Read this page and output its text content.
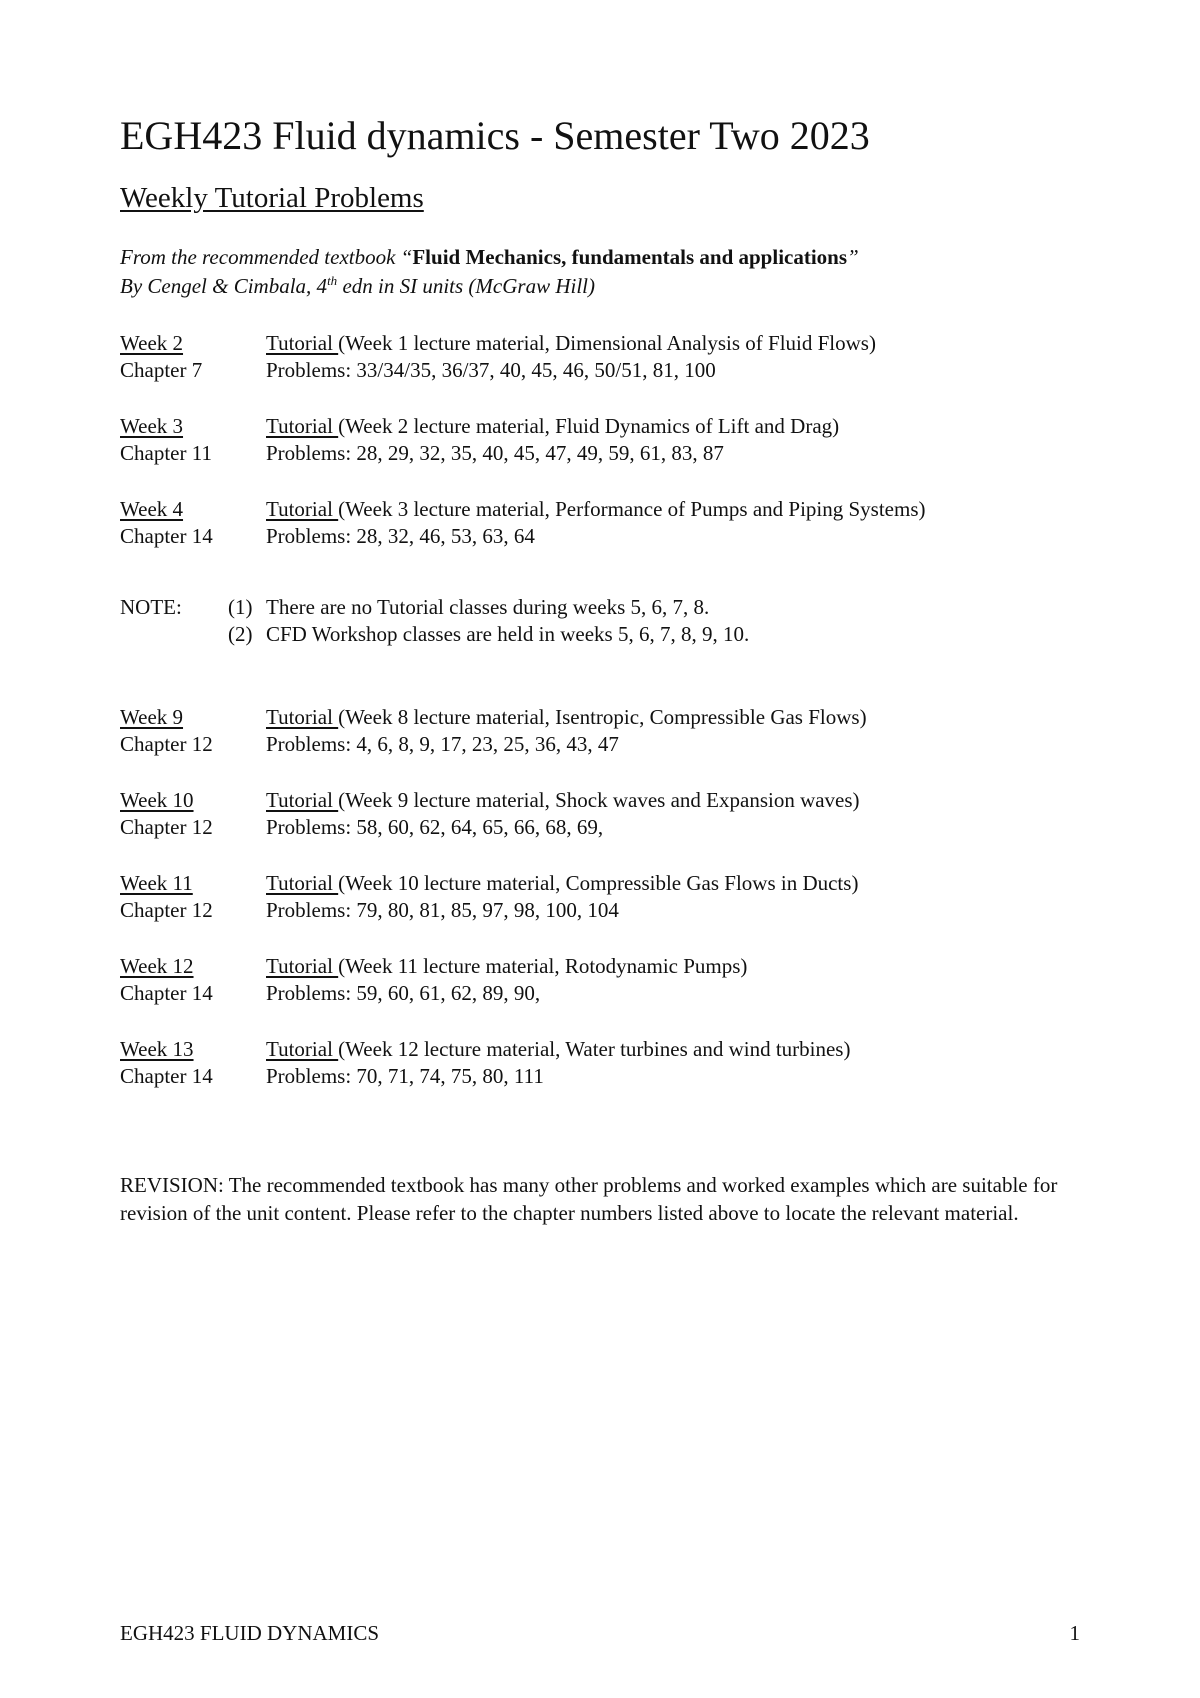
EGH423 Fluid dynamics - Semester Two 2023
Weekly Tutorial Problems
From the recommended textbook “Fluid Mechanics, fundamentals and applications”
By Cengel & Cimbala, 4th edn in SI units (McGraw Hill)
Week 2	Tutorial (Week 1 lecture material, Dimensional Analysis of Fluid Flows)
Chapter 7	Problems: 33/34/35, 36/37, 40, 45, 46, 50/51, 81, 100
Week 3	Tutorial (Week 2 lecture material, Fluid Dynamics of Lift and Drag)
Chapter 11	Problems: 28, 29, 32, 35, 40, 45, 47, 49, 59, 61, 83, 87
Week 4	Tutorial (Week 3 lecture material, Performance of Pumps and Piping Systems)
Chapter 14	Problems: 28, 32, 46, 53, 63, 64
NOTE:	(1) There are no Tutorial classes during weeks 5, 6, 7, 8.
(2) CFD Workshop classes are held in weeks 5, 6, 7, 8, 9, 10.
Week 9	Tutorial (Week 8 lecture material, Isentropic, Compressible Gas Flows)
Chapter 12	Problems: 4, 6, 8, 9, 17, 23, 25, 36, 43, 47
Week 10	Tutorial (Week 9 lecture material, Shock waves and Expansion waves)
Chapter 12	Problems: 58, 60, 62, 64, 65, 66, 68, 69,
Week 11	Tutorial (Week 10 lecture material, Compressible Gas Flows in Ducts)
Chapter 12	Problems: 79, 80, 81, 85, 97, 98, 100, 104
Week 12	Tutorial (Week 11 lecture material, Rotodynamic Pumps)
Chapter 14	Problems: 59, 60, 61, 62, 89, 90,
Week 13	Tutorial (Week 12 lecture material, Water turbines and wind turbines)
Chapter 14	Problems: 70, 71, 74, 75, 80, 111
REVISION: The recommended textbook has many other problems and worked examples which are suitable for revision of the unit content. Please refer to the chapter numbers listed above to locate the relevant material.
EGH423 FLUID DYNAMICS	1
